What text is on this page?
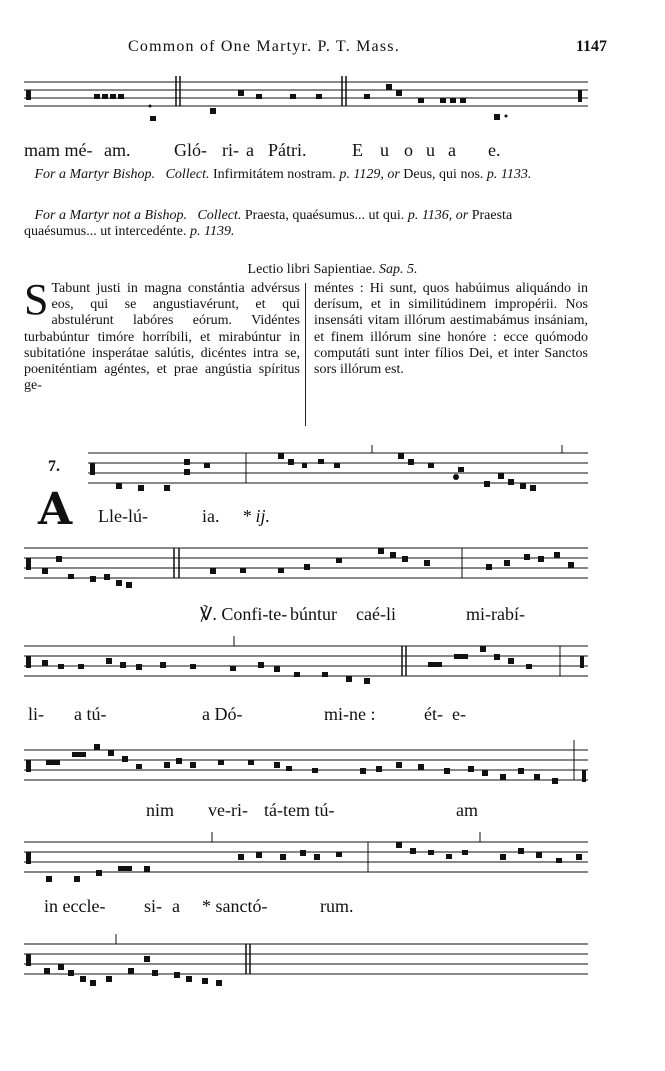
Common of One Martyr. P. T. Mass.	1147
mam mé- am. Gló- ri- a Pátri.	E u o u a e.
For a Martyr Bishop. Collect. Infirmitátem nostram. p. 1129, or Deus, qui nos. p. 1133.
For a Martyr not a Bishop. Collect. Praesta, quaésumus... ut qui. p. 1136, or Praesta quaésumus... ut intercedénte. p. 1139.
Lectio libri Sapientiae. Sap. 5.
S Tabunt justi in magna constántia advérsus eos, qui se angustiavérunt, et qui abstulérunt labóres eórum. Vidéntes turbabúntur timóre horríbili, et mirabúntur in subitatióne insperátae salútis, dicéntes intra se, poeniténtiam agéntes, et prae angústia spíritus ge-
méntes : Hi sunt, quos habúimus aliquándo in derísum, et in similitúdinem impropérii. Nos insensáti vitam illórum aestimabámus insániam, et finem illórum sine honóre : ecce quómodo computáti sunt inter fílios Dei, et inter Sanctos sors illórum est.
7.
A Lle-lú-	ia. * ij.
℣. Confi-te- búntur caé-li	mi-rabí-
li- a tú-	a Dó-	mi-ne :	ét- e-
nim ve-ri- tá-tem tú-	am
in eccle- si- a * sanctó-	rum.
